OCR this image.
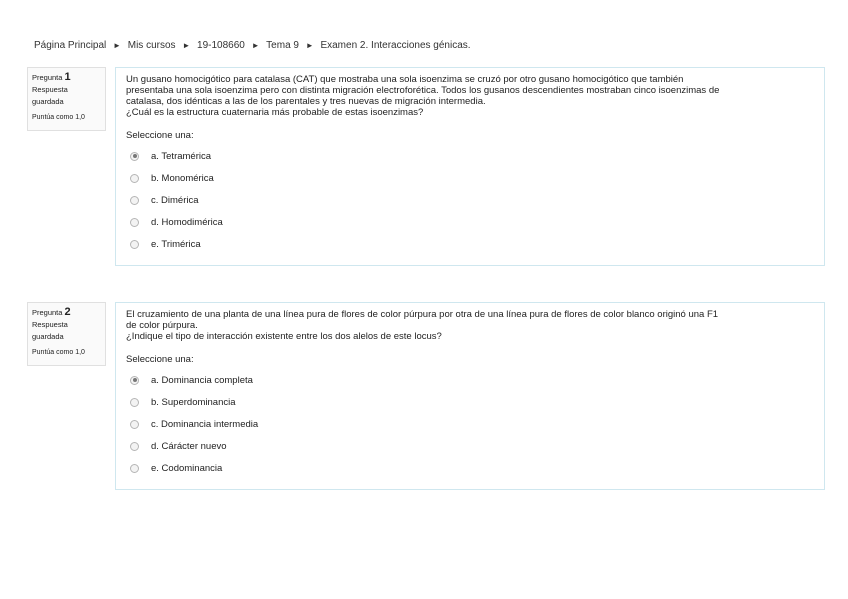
Página Principal ► Mis cursos ► 19-108660 ► Tema 9 ► Examen 2. Interacciones génicas.
Pregunta 1
Respuesta guardada
Puntúa como 1,0
Un gusano homocigótico para catalasa (CAT) que mostraba una sola isoenzima se cruzó por otro gusano homocigótico que también
presentaba una sola isoenzima pero con distinta migración electroforética. Todos los gusanos descendientes mostraban cinco isoenzimas de
catalasa, dos idénticas a las de los parentales y tres nuevas de migración intermedia.
¿Cuál es la estructura cuaternaria más probable de estas isoenzimas?
Seleccione una:
a. Tetramérica
b. Monomérica
c. Dimérica
d. Homodimérica
e. Trimérica
Pregunta 2
Respuesta guardada
Puntúa como 1,0
El cruzamiento de una planta de una línea pura de flores de color púrpura por otra de una línea pura de flores de color blanco originó una F1
de color púrpura.
¿Indique el tipo de interacción existente entre los dos alelos de este locus?
Seleccione una:
a. Dominancia completa
b. Superdominancia
c. Dominancia intermedia
d. Cárácter nuevo
e. Codominancia
